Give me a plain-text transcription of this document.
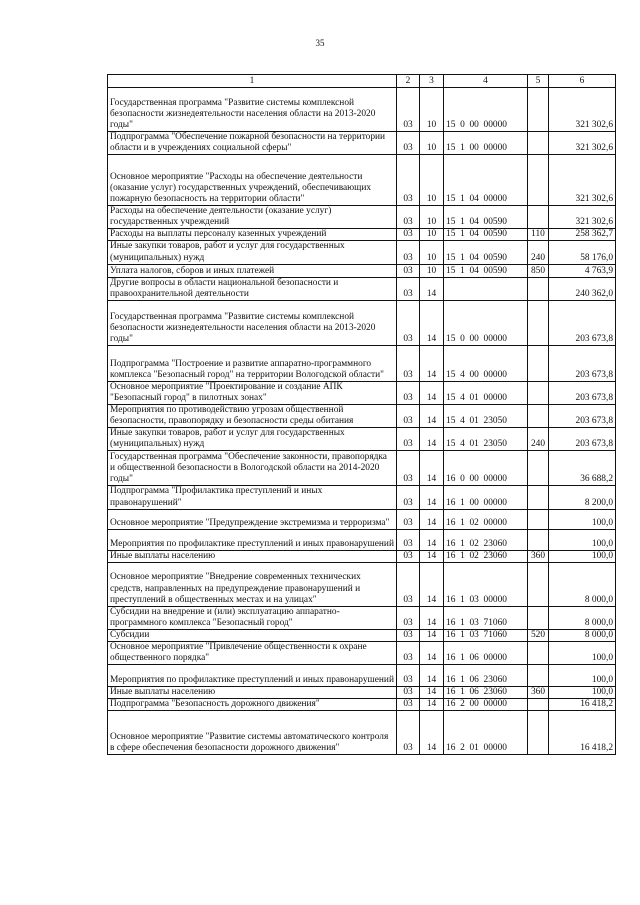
35
1	2	3	4	5	6
Государственная программа "Развитие системы комплексной безопасности жизнедеятельности населения области на 2013-2020 годы"	03	10	15  0  00  00000		321 302,6
Подпрограмма "Обеспечение пожарной безопасности на территории области и в учреждениях социальной сферы"	03	10	15  1  00  00000		321 302,6
Основное мероприятие "Расходы на обеспечение деятельности (оказание услуг) государственных учреждений, обеспечивающих пожарную безопасность на территории области"	03	10	15  1  04  00000		321 302,6
Расходы на обеспечение деятельности (оказание услуг) государственных учреждений	03	10	15  1  04  00590		321 302,6
Расходы на выплаты персоналу казенных учреждений	03	10	15  1  04  00590	110	258 362,7
Иные закупки товаров, работ и услуг для государственных (муниципальных) нужд	03	10	15  1  04  00590	240	58 176,0
Уплата налогов, сборов и иных платежей	03	10	15  1  04  00590	850	4 763,9
Другие вопросы в области национальной безопасности и правоохранительной деятельности	03	14			240 362,0
Государственная программа "Развитие системы комплексной безопасности жизнедеятельности населения области на 2013-2020 годы"	03	14	15  0  00  00000		203 673,8
Подпрограмма "Построение и развитие аппаратно-программного комплекса "Безопасный город" на территории Вологодской области"	03	14	15  4  00  00000		203 673,8
Основное мероприятие "Проектирование и создание АПК "Безопасный город" в пилотных зонах"	03	14	15  4  01  00000		203 673,8
Мероприятия по противодействию угрозам общественной безопасности, правопорядку и безопасности среды обитания	03	14	15  4  01  23050		203 673,8
Иные закупки товаров, работ и услуг для государственных (муниципальных) нужд	03	14	15  4  01  23050	240	203 673,8
Государственная программа "Обеспечение законности, правопорядка и общественной безопасности в Вологодской области на 2014-2020 годы"	03	14	16  0  00  00000		36 688,2
Подпрограмма "Профилактика преступлений и иных правонарушений"	03	14	16  1  00  00000		8 200,0
Основное мероприятие "Предупреждение экстремизма и терроризма"	03	14	16  1  02  00000		100,0
Мероприятия по профилактике преступлений и иных правонарушений	03	14	16  1  02  23060		100,0
Иные выплаты населению	03	14	16  1  02  23060	360	100,0
Основное мероприятие "Внедрение современных технических средств, направленных на предупреждение правонарушений и преступлений в общественных местах и на улицах"	03	14	16  1  03  00000		8 000,0
Субсидии на внедрение и (или) эксплуатацию аппаратно-программного комплекса "Безопасный город"	03	14	16  1  03  71060		8 000,0
Субсидии	03	14	16  1  03  71060	520	8 000,0
Основное мероприятие "Привлечение общественности к охране общественного порядка"	03	14	16  1  06  00000		100,0
Мероприятия по профилактике преступлений и иных правонарушений	03	14	16  1  06  23060		100,0
Иные выплаты населению	03	14	16  1  06  23060	360	100,0
Подпрограмма "Безопасность дорожного движения"	03	14	16  2  00  00000		16 418,2
Основное мероприятие "Развитие системы автоматического контроля в сфере обеспечения безопасности дорожного движения"	03	14	16  2  01  00000		16 418,2
